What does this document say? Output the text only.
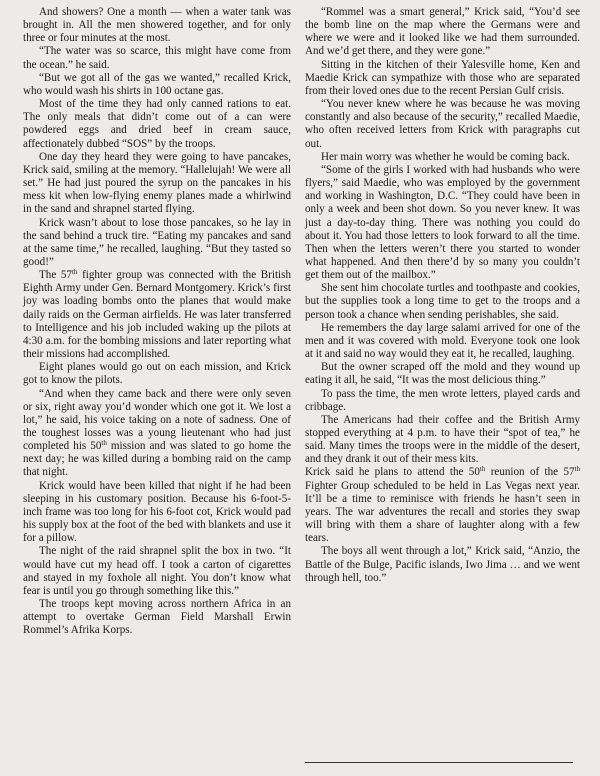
And showers? One a month — when a water tank was brought in. All the men showered together, and for only three or four minutes at the most.

“The water was so scarce, this might have come from the ocean.” he said.

“But we got all of the gas we wanted,” recalled Krick, who would wash his shirts in 100 octane gas.

Most of the time they had only canned rations to eat. The only meals that didn’t come out of a can were powdered eggs and dried beef in cream sauce, affectionately dubbed “SOS” by the troops.

One day they heard they were going to have pancakes, Krick said, smiling at the memory. “Hallelujah! We were all set.” He had just poured the syrup on the pancakes in his mess kit when low-flying enemy planes made a whirlwind in the sand and shrapnel started flying.

Krick wasn’t about to lose those pancakes, so he lay in the sand behind a truck tire. “Eating my pancakes and sand at the same time,” he recalled, laughing. “But they tasted so good!”

The 57th fighter group was connected with the British Eighth Army under Gen. Bernard Montgomery. Krick’s first joy was loading bombs onto the planes that would make daily raids on the German airfields. He was later transferred to Intelligence and his job included waking up the pilots at 4:30 a.m. for the bombing missions and later reporting what their missions had accomplished.

Eight planes would go out on each mission, and Krick got to know the pilots.

“And when they came back and there were only seven or six, right away you’d wonder which one got it. We lost a lot,” he said, his voice taking on a note of sadness. One of the toughest losses was a young lieutenant who had just completed his 50th mission and was slated to go home the next day; he was killed during a bombing raid on the camp that night.

Krick would have been killed that night if he had been sleeping in his customary position. Because his 6-foot-5-inch frame was too long for his 6-foot cot, Krick would pad his supply box at the foot of the bed with blankets and use it for a pillow.

The night of the raid shrapnel split the box in two. “It would have cut my head off. I took a carton of cigarettes and stayed in my foxhole all night. You don’t know what fear is until you go through something like this.”

The troops kept moving across northern Africa in an attempt to overtake German Field Marshall Erwin Rommel’s Afrika Korps.

“Rommel was a smart general,” Krick said, “You’d see the bomb line on the map where the Germans were and where we were and it looked like we had them surrounded. And we’d get there, and they were gone.”

Sitting in the kitchen of their Yalesville home, Ken and Maedie Krick can sympathize with those who are separated from their loved ones due to the recent Persian Gulf crisis.

“You never knew where he was because he was moving constantly and also because of the security,” recalled Maedie, who often received letters from Krick with paragraphs cut out.

Her main worry was whether he would be coming back.

“Some of the girls I worked with had husbands who were flyers,” said Maedie, who was employed by the government and working in Washington, D.C. “They could have been in only a week and been shot down. So you never knew. It was just a day-to-day thing. There was nothing you could do about it. You had those letters to look forward to all the time. Then when the letters weren’t there you started to wonder what happened. And then there’d by so many you couldn’t get them out of the mailbox.”

She sent him chocolate turtles and toothpaste and cookies, but the supplies took a long time to get to the troops and a person took a chance when sending perishables, she said.

He remembers the day large salami arrived for one of the men and it was covered with mold. Everyone took one look at it and said no way would they eat it, he recalled, laughing.

But the owner scraped off the mold and they wound up eating it all, he said, “It was the most delicious thing.”

To pass the time, the men wrote letters, played cards and cribbage.

The Americans had their coffee and the British Army stopped everything at 4 p.m. to have their “spot of tea,” he said. Many times the troops were in the middle of the desert, and they drank it out of their mess kits.

Krick said he plans to attend the 50th reunion of the 57th Fighter Group scheduled to be held in Las Vegas next year. It’ll be a time to reminisce with friends he hasn’t seen in years. The war adventures the recall and stories they swap will bring with them a share of laughter along with a few tears.

The boys all went through a lot,” Krick said, “Anzio, the Battle of the Bulge, Pacific islands, Iwo Jima … and we went through hell, too.”
